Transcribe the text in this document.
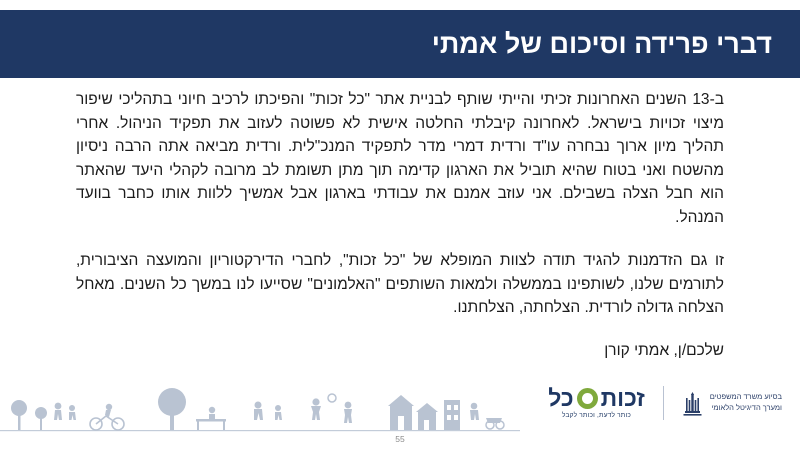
דברי פרידה וסיכום של אמתי

ב-13 השנים האחרונות זכיתי והייתי שותף לבניית אתר "כל זכות" והפיכתו לרכיב חיוני בתהליכי שיפור מיצוי זכויות בישראל. לאחרונה קיבלתי החלטה אישית לא פשוטה לעזוב את תפקיד הניהול. אחרי תהליך מיון ארוך נבחרה עו"ד ורדית דמרי מדר לתפקיד המנכ"לית. ורדית מביאה אתה הרבה ניסיון מהשטח ואני בטוח שהיא תוביל את הארגון קדימה תוך מתן תשומת לב מרובה לקהלי היעד שהאתר הוא חבל הצלה בשבילם. אני עוזב אמנם את עבודתי בארגון אבל אמשיך ללוות אותו כחבר בוועד המנהל.

זו גם הזדמנות להגיד תודה לצוות המופלא של "כל זכות", לחברי הדירקטוריון והמועצה הציבורית, לתורמים שלנו, לשותפינו בממשלה ולמאות השותפים "האלמונים" שסייעו לנו במשך כל השנים. מאחל הצלחה גדולה לורדית. הצלחתה, הצלחתנו.

שלכם/ן, אמתי קורן
בסיוע משרד המשפטים
ומערך הדיגיטל הלאומי
כל זכות
כותר לדעת, וכותר לקבל
55
